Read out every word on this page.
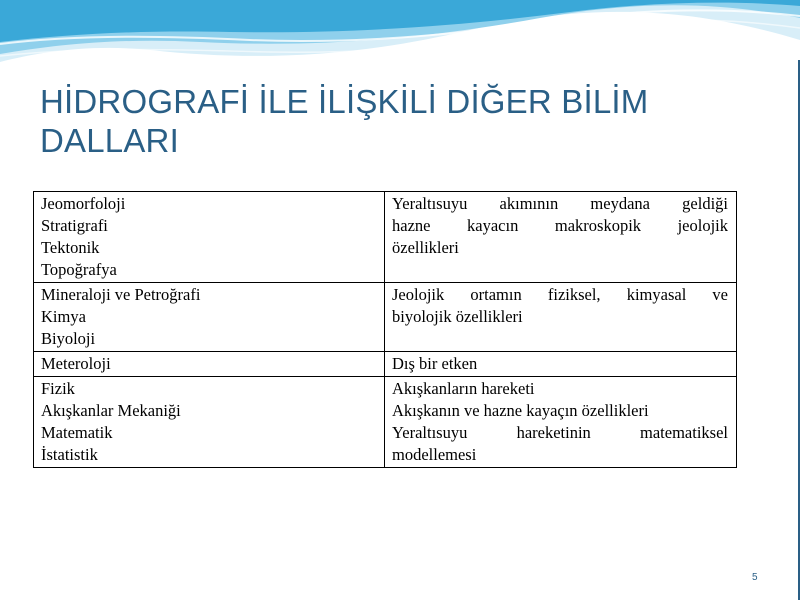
HİDROGRAFİ İLE İLİŞKİLİ DİĞER BİLİM DALLARI
Jeomorfoloji
Stratigrafi
Tektonik
Topoğrafya	Yeraltısuyu akımının meydana geldiği
hazne kayacın makroskopik jeolojik
özellikleri

Mineraloji ve Petroğrafi
Kimya
Biyoloji	Jeolojik ortamın fiziksel, kimyasal ve
biyolojik özellikleri

Meteroloji	Dış bir etken

Fizik
Akışkanlar Mekaniği
Matematik
İstatistik	Akışkanların hareketi
Akışkanın ve hazne kayaçın özellikleri
Yeraltısuyu hareketinin matematiksel
modellemesi
5
